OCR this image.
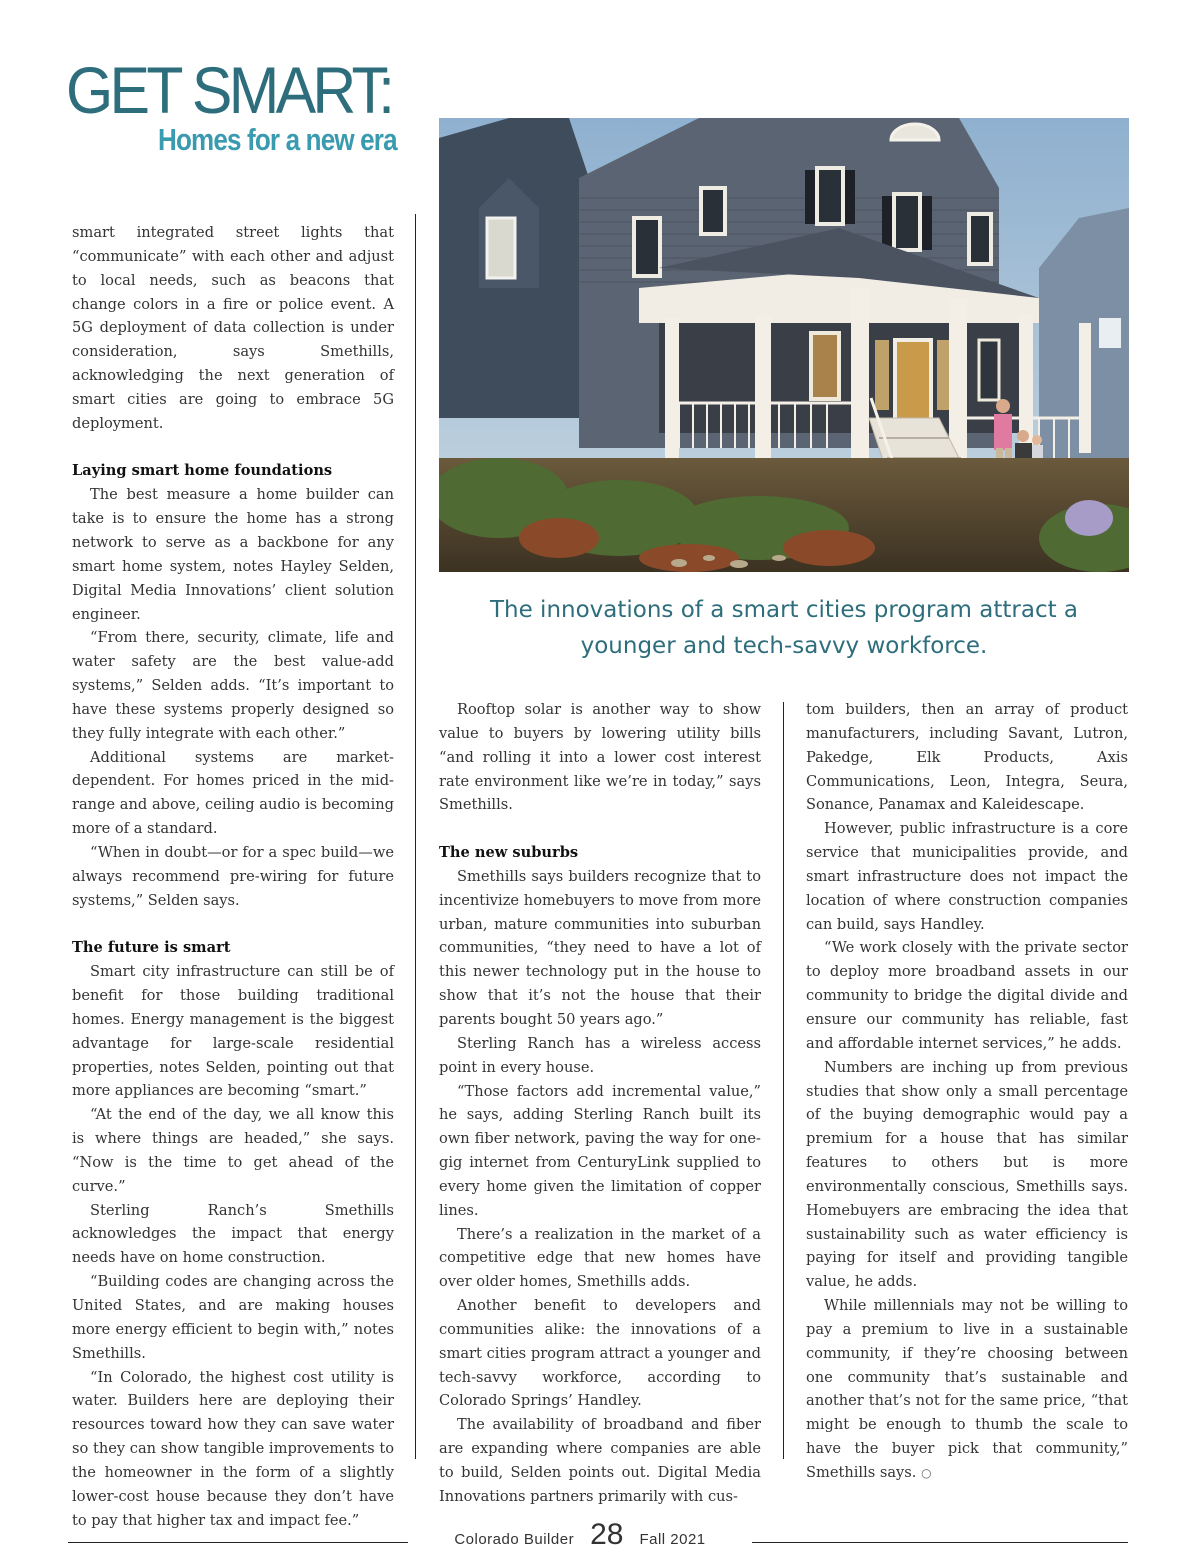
GET SMART:
Homes for a new era
The innovations of a smart cities program attract a younger and tech-savvy workforce.

smart integrated street lights that “communicate” with each other and adjust to local needs, such as beacons that change colors in a fire or police event. A 5G deployment of data collection is under consideration, says Smethills, acknowledging the next generation of smart cities are going to embrace 5G deployment.

Laying smart home foundations

The best measure a home builder can take is to ensure the home has a strong network to serve as a backbone for any smart home system, notes Hayley Selden, Digital Media Innovations’ client solution engineer.

“From there, security, climate, life and water safety are the best value-add systems,” Selden adds. “It’s important to have these systems properly designed so they fully integrate with each other.”

Additional systems are market-dependent. For homes priced in the mid-range and above, ceiling audio is becoming more of a standard.

“When in doubt—or for a spec build—we always recommend pre-wiring for future systems,” Selden says.

The future is smart

Smart city infrastructure can still be of benefit for those building traditional homes. Energy management is the biggest advantage for large-scale residential properties, notes Selden, pointing out that more appliances are becoming “smart.”

“At the end of the day, we all know this is where things are headed,” she says. “Now is the time to get ahead of the curve.”

Sterling Ranch’s Smethills acknowledges the impact that energy needs have on home construction.

“Building codes are changing across the United States, and are making houses more energy efficient to begin with,” notes Smethills.

“In Colorado, the highest cost utility is water. Builders here are deploying their resources toward how they can save water so they can show tangible improvements to the homeowner in the form of a slightly lower-cost house because they don’t have to pay that higher tax and impact fee.”

Rooftop solar is another way to show value to buyers by lowering utility bills “and rolling it into a lower cost interest rate environment like we’re in today,” says Smethills.

The new suburbs

Smethills says builders recognize that to incentivize homebuyers to move from more urban, mature communities into suburban communities, “they need to have a lot of this newer technology put in the house to show that it’s not the house that their parents bought 50 years ago.”

Sterling Ranch has a wireless access point in every house.

“Those factors add incremental value,” he says, adding Sterling Ranch built its own fiber network, paving the way for one-gig internet from CenturyLink supplied to every home given the limitation of copper lines.

There’s a realization in the market of a competitive edge that new homes have over older homes, Smethills adds.

Another benefit to developers and communities alike: the innovations of a smart cities program attract a younger and tech-savvy workforce, according to Colorado Springs’ Handley.

The availability of broadband and fiber are expanding where companies are able to build, Selden points out. Digital Media Innovations partners primarily with cus-

tom builders, then an array of product manufacturers, including Savant, Lutron, Pakedge, Elk Products, Axis Communications, Leon, Integra, Seura, Sonance, Panamax and Kaleidescape.

However, public infrastructure is a core service that municipalities provide, and smart infrastructure does not impact the location of where construction companies can build, says Handley.

“We work closely with the private sector to deploy more broadband assets in our community to bridge the digital divide and ensure our community has reliable, fast and affordable internet services,” he adds.

Numbers are inching up from previous studies that show only a small percentage of the buying demographic would pay a premium for a house that has similar features to others but is more environmentally conscious, Smethills says. Homebuyers are embracing the idea that sustainability such as water efficiency is paying for itself and providing tangible value, he adds.

While millennials may not be willing to pay a premium to live in a sustainable community, if they’re choosing between one community that’s sustainable and another that’s not for the same price, “that might be enough to thumb the scale to have the buyer pick that community,” Smethills says. ○

Colorado Builder 28 Fall 2021
